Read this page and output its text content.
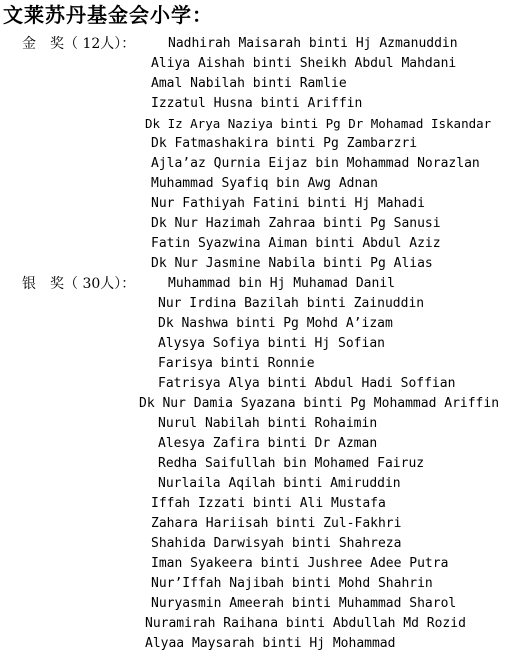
文莱苏丹基金会小学：
金　奖（ 12人）：	Nadhirah Maisarah binti Hj Azmanuddin
Aliya Aishah binti Sheikh Abdul Mahdani
Amal Nabilah binti Ramlie
Izzatul Husna binti Ariffin
Dk Iz Arya Naziya binti Pg Dr Mohamad Iskandar
Dk Fatmashakira binti Pg Zambarzri
Ajla’az Qurnia Eijaz bin Mohammad Norazlan
Muhammad Syafiq bin Awg Adnan
Nur Fathiyah Fatini binti Hj Mahadi
Dk Nur Hazimah Zahraa binti Pg Sanusi
Fatin Syazwina Aiman binti Abdul Aziz
Dk Nur Jasmine Nabila binti Pg Alias
银　奖（ 30人）：	Muhammad bin Hj Muhamad Danil
Nur Irdina Bazilah binti Zainuddin
Dk Nashwa binti Pg Mohd A’izam
Alysya Sofiya binti Hj Sofian
Farisya binti Ronnie
Fatrisya Alya binti Abdul Hadi Soffian
Dk Nur Damia Syazana binti Pg Mohammad Ariffin
Nurul Nabilah binti Rohaimin
Alesya Zafira binti Dr Azman
Redha Saifullah bin Mohamed Fairuz
Nurlaila Aqilah binti Amiruddin
Iffah Izzati binti Ali Mustafa
Zahara Hariisah binti Zul-Fakhri
Shahida Darwisyah binti Shahreza
Iman Syakeera binti Jushree Adee Putra
Nur’Iffah Najibah binti Mohd Shahrin
Nuryasmin Ameerah binti Muhammad Sharol
Nuramirah Raihana binti Abdullah Md Rozid
Alyaa Maysarah binti Hj Mohammad
